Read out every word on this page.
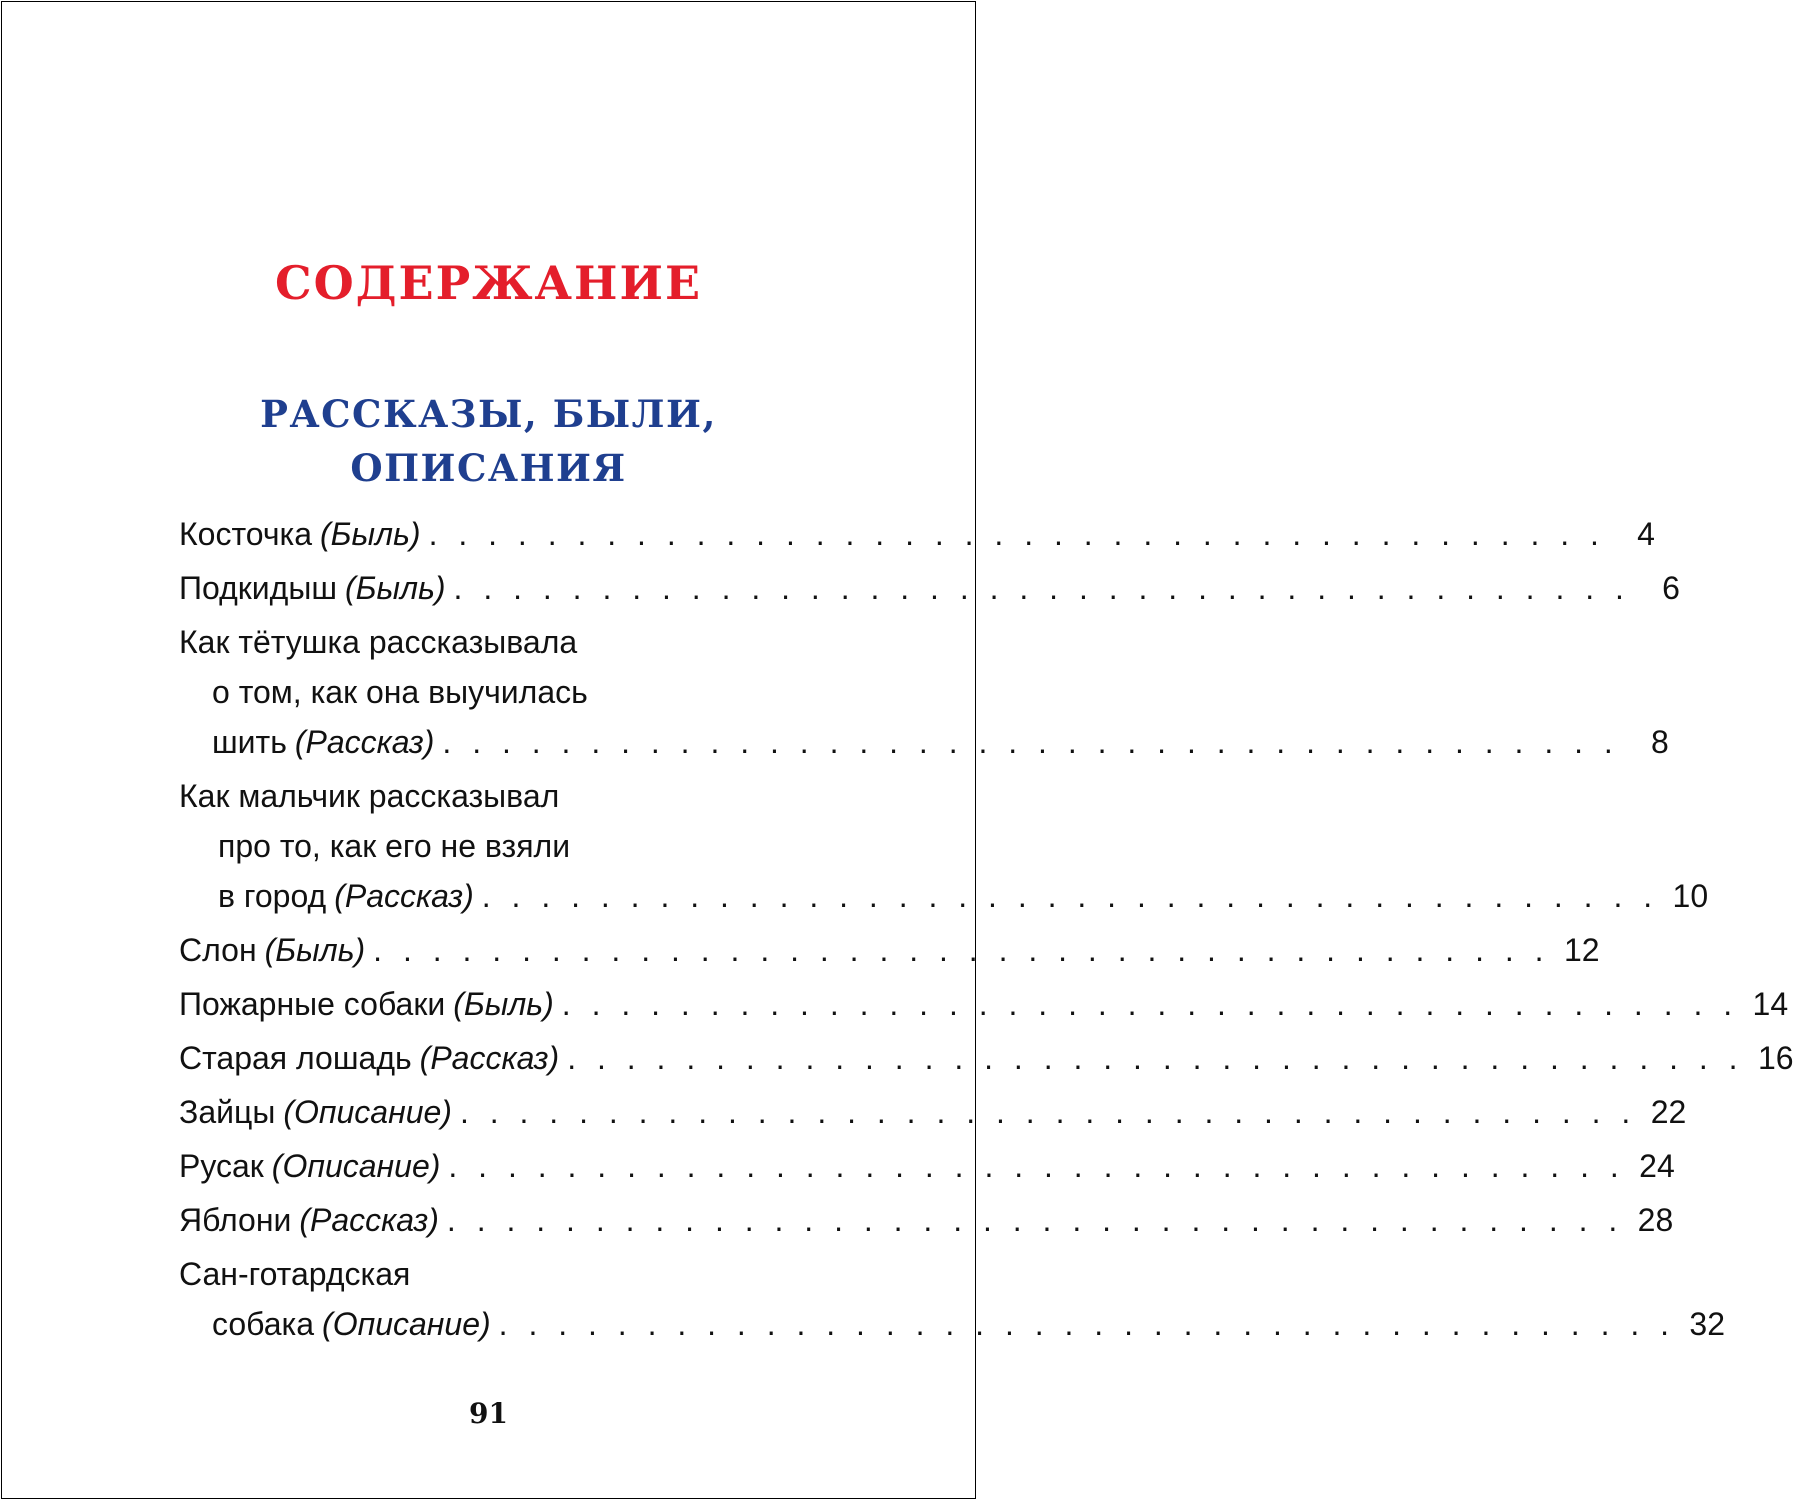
СОДЕРЖАНИЕ
РАССКАЗЫ, БЫЛИ,
ОПИСАНИЯ
Косточка (Быль) . . . . . . . . . . . . . . . . . . . . . . . . . . . . . . . . . . . . . . . .	4
Подкидыш (Быль) . . . . . . . . . . . . . . . . . . . . . . . . . . . . . . . . . . . . . . . .	6
Как тётушка рассказывала
о том, как она выучилась
шить (Рассказ) . . . . . . . . . . . . . . . . . . . . . . . . . . . . . . . . . . . . . . . .	8
Как мальчик рассказывал
про то, как его не взяли
в город (Рассказ) . . . . . . . . . . . . . . . . . . . . . . . . . . . . . . . . . . . . . . . . 10
Слон (Быль) . . . . . . . . . . . . . . . . . . . . . . . . . . . . . . . . . . . . . . . . 12
Пожарные собаки (Быль) . . . . . . . . . . . . . . . . . . . . . . . . . . . . . . . . . . . . . . . . 14
Старая лошадь (Рассказ) . . . . . . . . . . . . . . . . . . . . . . . . . . . . . . . . . . . . . . . . 16
Зайцы (Описание) . . . . . . . . . . . . . . . . . . . . . . . . . . . . . . . . . . . . . . . . 22
Русак (Описание) . . . . . . . . . . . . . . . . . . . . . . . . . . . . . . . . . . . . . . . . 24
Яблони (Рассказ) . . . . . . . . . . . . . . . . . . . . . . . . . . . . . . . . . . . . . . . . 28
Сан-готардская
собака (Описание) . . . . . . . . . . . . . . . . . . . . . . . . . . . . . . . . . . . . . . . . 32
91
